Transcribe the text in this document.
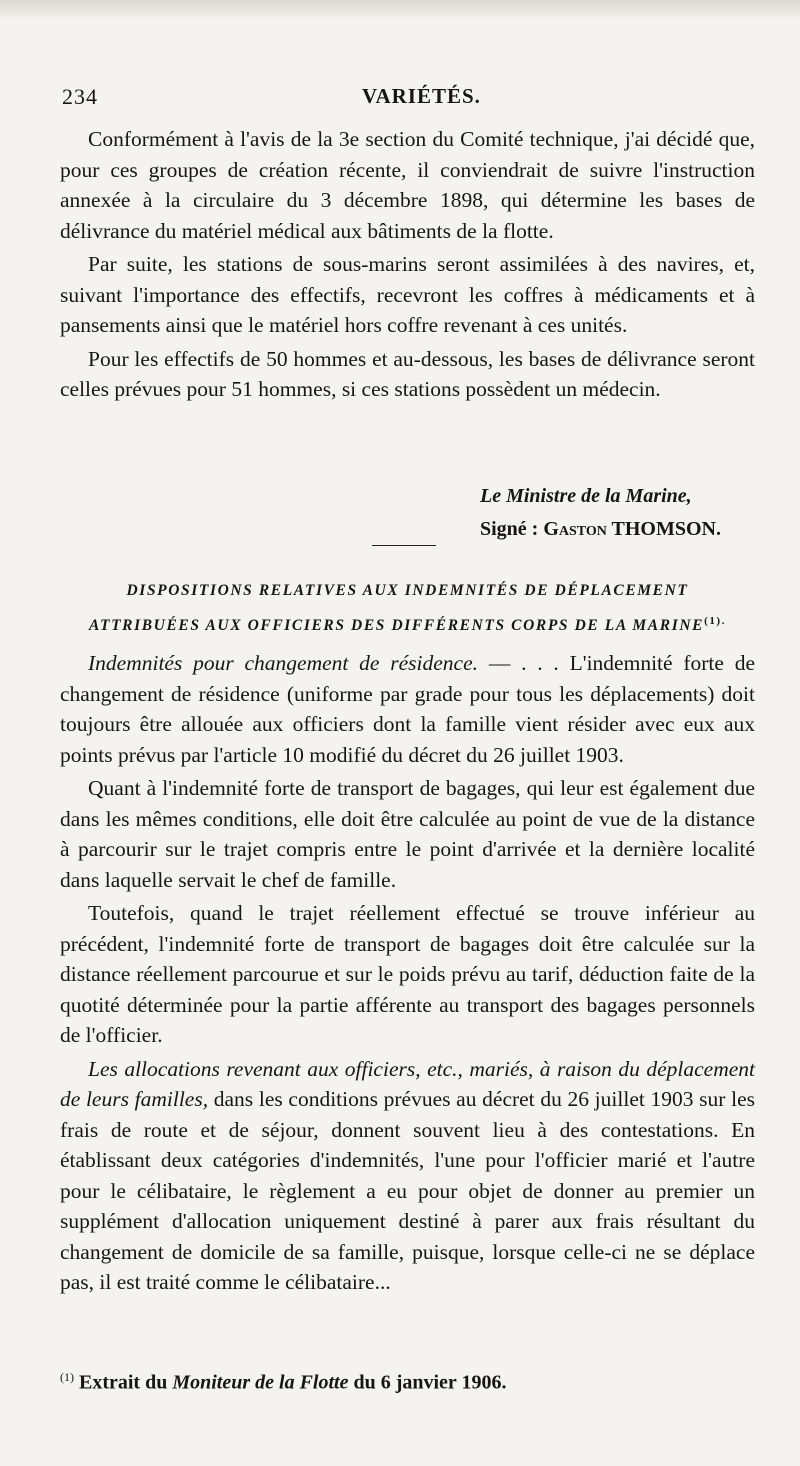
234	VARIÉTÉS.

Conformément à l'avis de la 3e section du Comité technique, j'ai décidé que, pour ces groupes de création récente, il conviendrait de suivre l'instruction annexée à la circulaire du 3 décembre 1898, qui détermine les bases de délivrance du matériel médical aux bâtiments de la flotte.

Par suite, les stations de sous-marins seront assimilées à des navires, et, suivant l'importance des effectifs, recevront les coffres à médicaments et à pansements ainsi que le matériel hors coffre revenant à ces unités.

Pour les effectifs de 50 hommes et au-dessous, les bases de délivrance seront celles prévues pour 51 hommes, si ces stations possèdent un médecin.

Le Ministre de la Marine,
Signé : Gaston THOMSON.
DISPOSITIONS RELATIVES AUX INDEMNITÉS DE DÉPLACEMENT
ATTRIBUÉES AUX OFFICIERS DES DIFFÉRENTS CORPS DE LA $MARINE^{(1).}$

Indemnités pour changement de résidence. — . . . L'indemnité forte de changement de résidence (uniforme par grade pour tous les déplacements) doit toujours être allouée aux officiers dont la famille vient résider avec eux aux points prévus par l'article 10 modifié du décret du 26 juillet 1903.

Quant à l'indemnité forte de transport de bagages, qui leur est également due dans les mêmes conditions, elle doit être calculée au point de vue de la distance à parcourir sur le trajet compris entre le point d'arrivée et la dernière localité dans laquelle servait le chef de famille.

Toutefois, quand le trajet réellement effectué se trouve inférieur au précédent, l'indemnité forte de transport de bagages doit être calculée sur la distance réellement parcourue et sur le poids prévu au tarif, déduction faite de la quotité déterminée pour la partie afférente au transport des bagages personnels de l'officier.

Les allocations revenant aux officiers, etc., mariés, à raison du déplacement de leurs familles, dans les conditions prévues au décret du 26 juillet 1903 sur les frais de route et de séjour, donnent souvent lieu à des contestations. En établissant deux catégories d'indemnités, l'une pour l'officier marié et l'autre pour le célibataire, le règlement a eu pour objet de donner au premier un supplément d'allocation uniquement destiné à parer aux frais résultant du changement de domicile de sa famille, puisque, lorsque celle-ci ne se déplace pas, il est traité comme le célibataire...

$^{(1)}$ Extrait du Moniteur de la Flotte du 6 janvier 1906.
